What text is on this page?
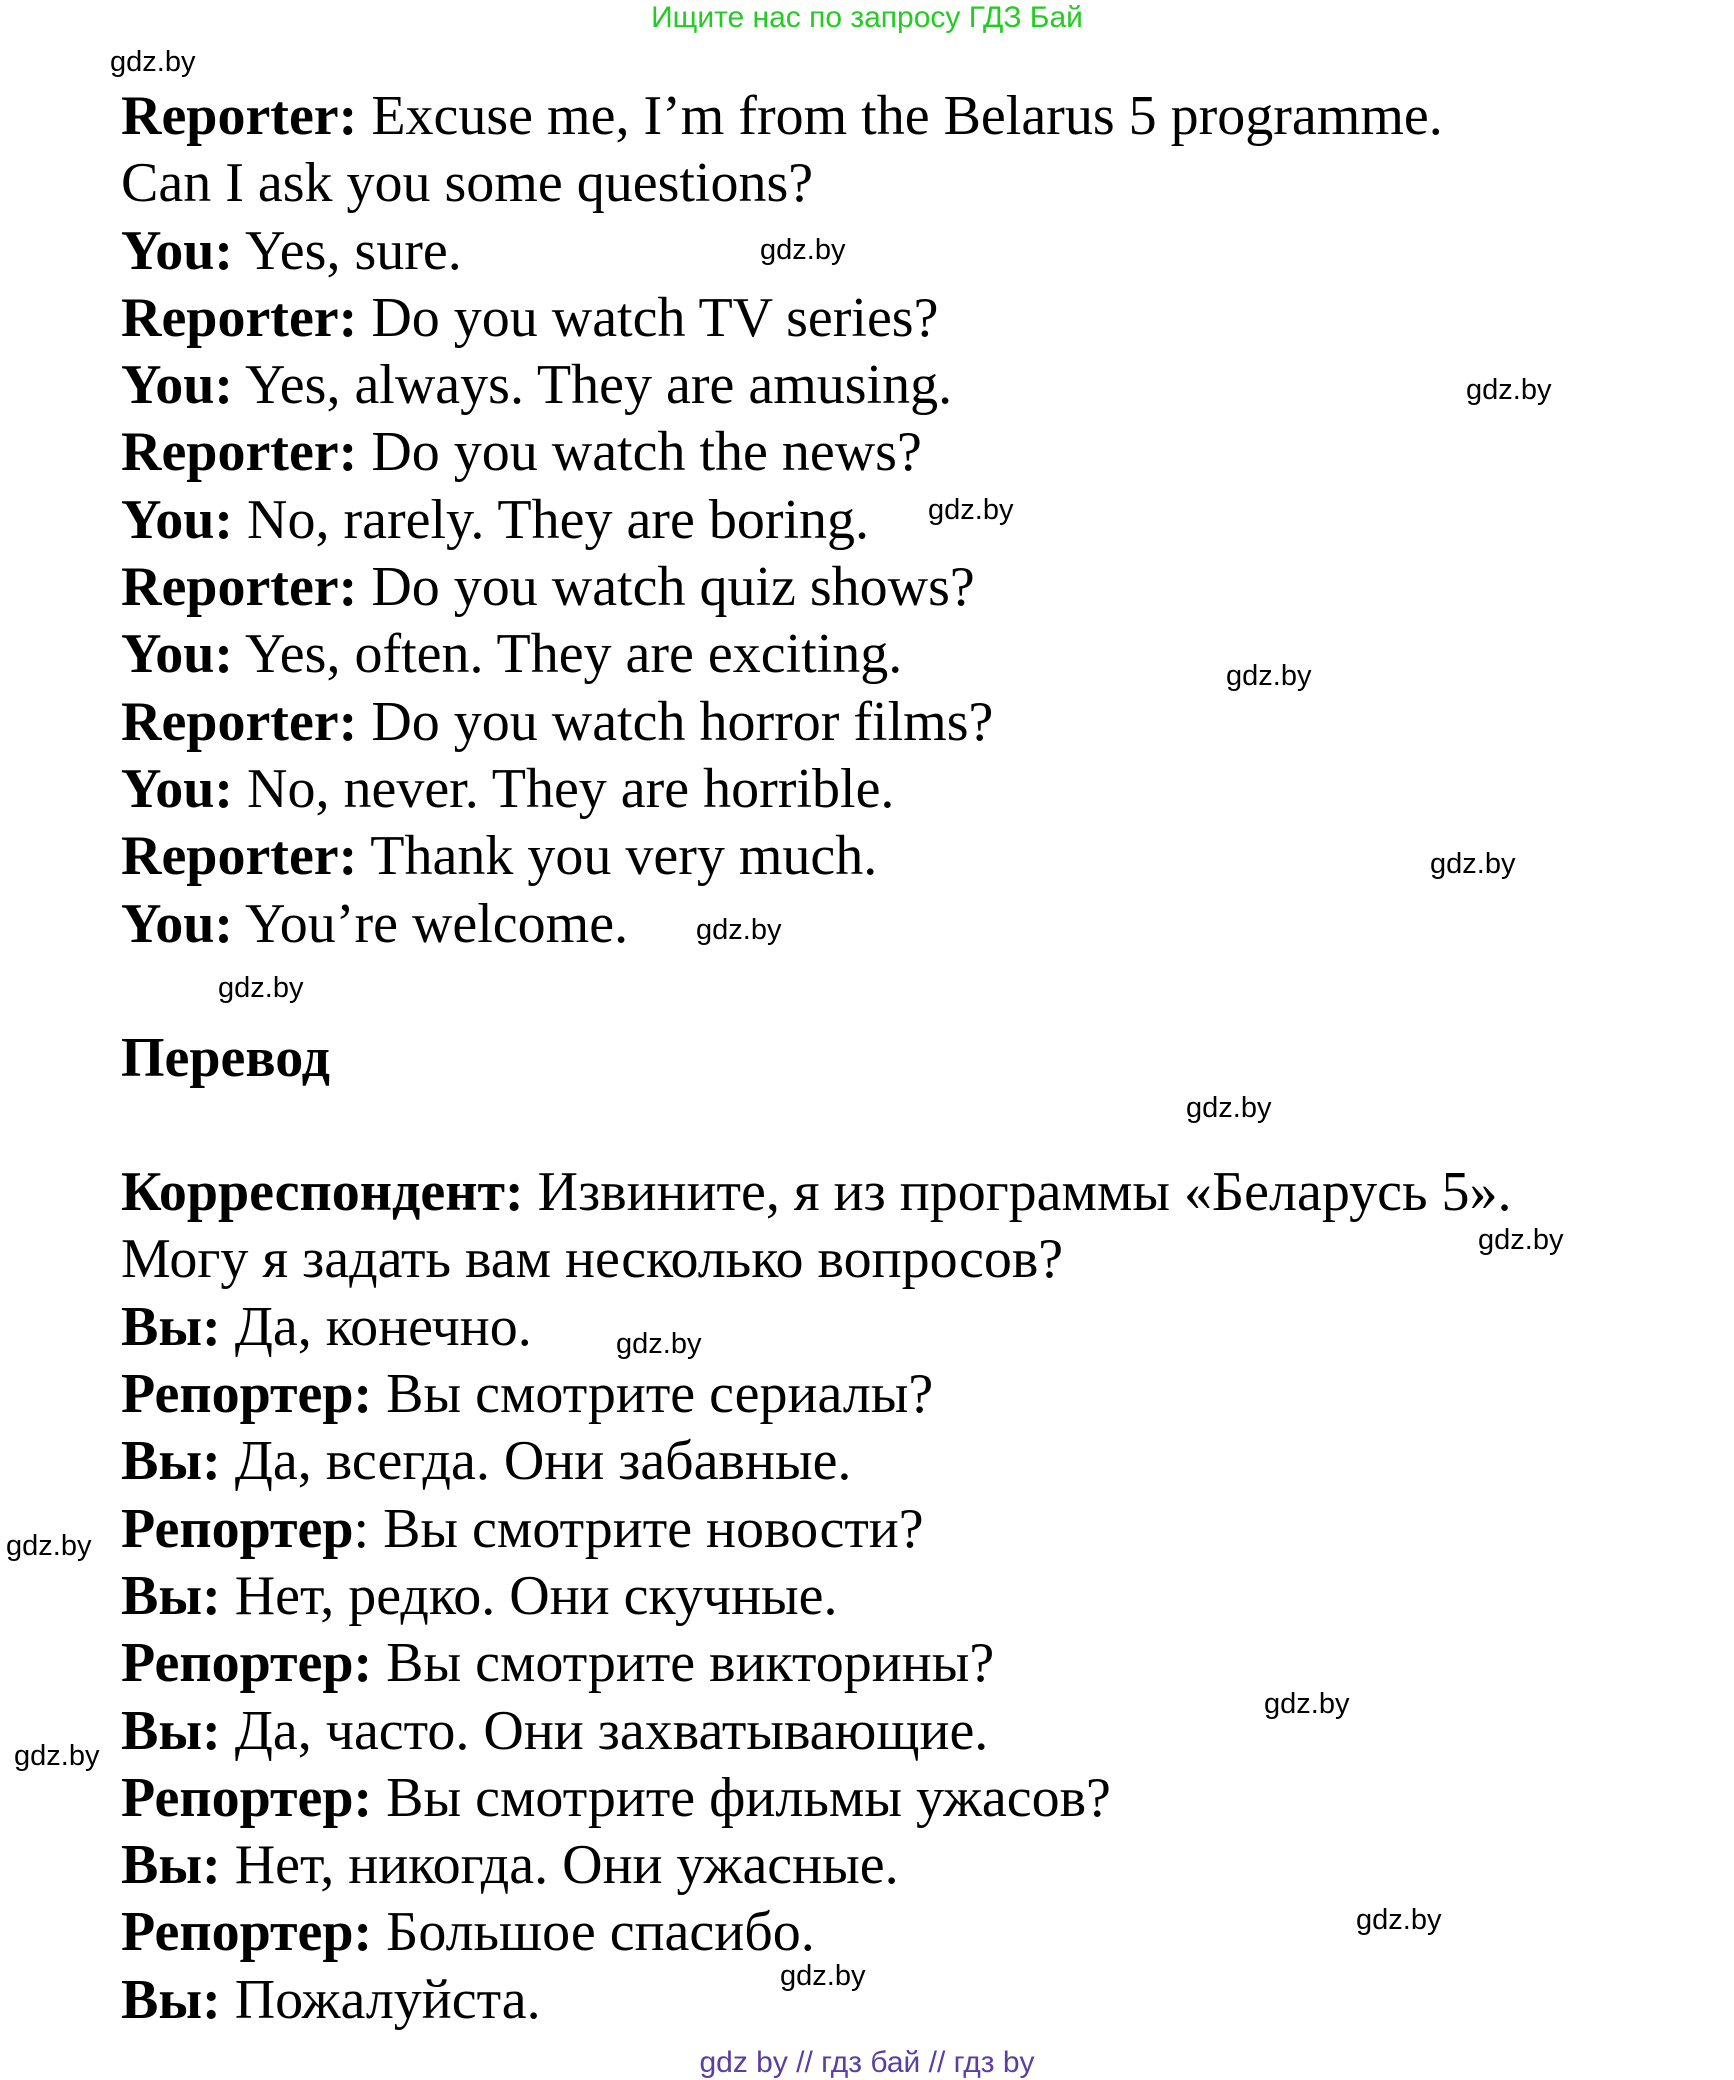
Ищите нас по запросу ГДЗ Бай
Reporter: Excuse me, I’m from the Belarus 5 programme.
Can I ask you some questions?
You: Yes, sure.
Reporter: Do you watch TV series?
You: Yes, always. They are amusing.
Reporter: Do you watch the news?
You: No, rarely. They are boring.
Reporter: Do you watch quiz shows?
You: Yes, often. They are exciting.
Reporter: Do you watch horror films?
You: No, never. They are horrible.
Reporter: Thank you very much.
You: You’re welcome.
Перевод
Корреспондент: Извините, я из программы «Беларусь 5».
Могу я задать вам несколько вопросов?
Вы: Да, конечно.
Репортер: Вы смотрите сериалы?
Вы: Да, всегда. Они забавные.
Репортер: Вы смотрите новости?
Вы: Нет, редко. Они скучные.
Репортер: Вы смотрите викторины?
Вы: Да, часто. Они захватывающие.
Репортер: Вы смотрите фильмы ужасов?
Вы: Нет, никогда. Они ужасные.
Репортер: Большое спасибо.
Вы: Пожалуйста.
gdz.by
gdz.by
gdz.by
gdz.by
gdz.by
gdz.by
gdz.by
gdz.by
gdz.by
gdz.by
gdz.by
gdz.by
gdz.by
gdz.by
gdz.by
gdz.by
gdz by // гдз бай // гдз by
